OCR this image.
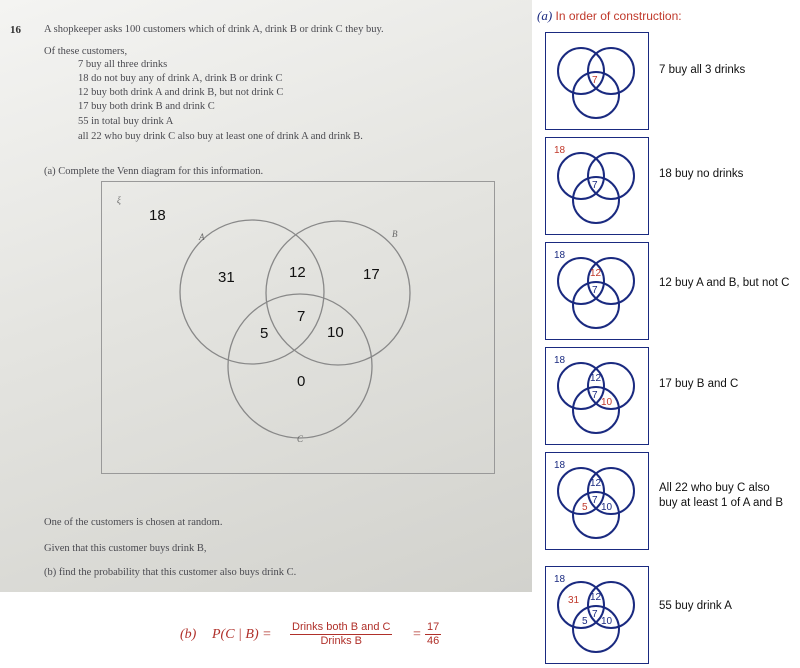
16 A shopkeeper asks 100 customers which of drink A, drink B or drink C they buy.
Of these customers,
7 buy all three drinks
18 do not buy any of drink A, drink B or drink C
12 buy both drink A and drink B, but not drink C
17 buy both drink B and drink C
55 in total buy drink A
all 22 who buy drink C also buy at least one of drink A and drink B.
(a) Complete the Venn diagram for this information.
ξ
A	B
C
18
31	12	17
5
7
10
0
One of the customers is chosen at random.
Given that this customer buys drink B,
(b) find the probability that this customer also buys drink C.
(b) P(C | B) = Drinks both B and C
Drinks B	= $\frac{17}{46}$
(a) In order of construction:
7
7 buy all 3 drinks
18
7
18 buy no drinks
18
12
7
12 buy A and B, but not C
18
12
7
10
17 buy B and C
18
12
7
10
5
All 22 who buy C also
buy at least 1 of A and B
18
31 12
7
10
5
55 buy drink A
